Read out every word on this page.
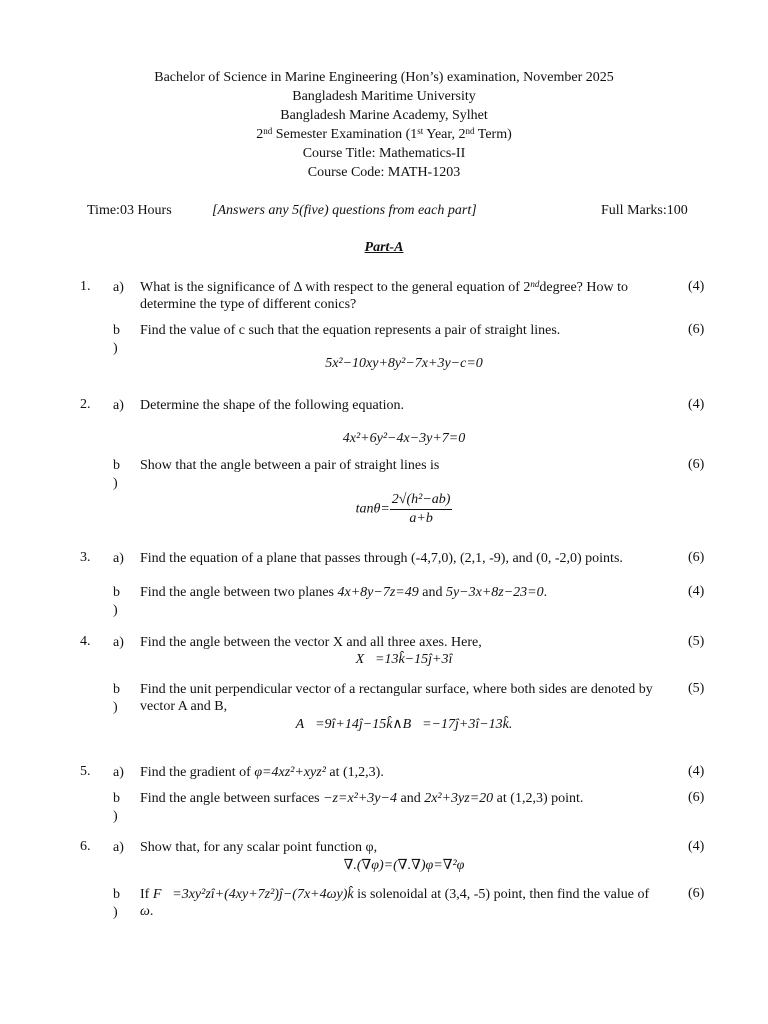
Bachelor of Science in Marine Engineering (Hon’s) examination, November 2025
Bangladesh Maritime University
Bangladesh Marine Academy, Sylhet
2nd Semester Examination (1st Year, 2nd Term)
Course Title: Mathematics-II
Course Code: MATH-1203
Time:03 Hours	[Answers any 5(five) questions from each part]	Full Marks:100
Part-A
1. a) What is the significance of Δ with respect to the general equation of 2nddegree? How to determine the type of different conics?
(4)
b
)
Find the value of c such that the equation represents a pair of straight lines.	(6)
5x²−10xy+8y²−7x+3y−c=0
2. a) Determine the shape of the following equation.	(4)
4x²+6y²−4x−3y+7=0
b
)
Show that the angle between a pair of straight lines is	(6)
$\tan\theta= \frac{\text{2√(h²−ab)}}{a+b}$
3. a) Find the equation of a plane that passes through (-4,7,0), (2,1, -9), and (0, -2,0) points.	(6)
b
)
Find the angle between two planes 4x+8y−7z=49 and 5y−3x+8z−23=0.	(4)
4. a) Find the angle between the vector X and all three axes. Here,	(5)
X⃗=13k̂−15ĵ+3î
b
)
Find the unit perpendicular vector of a rectangular surface, where both sides are denoted by vector A and B,
(5)
A⃗=9î+14ĵ−15k̂∧B⃗=−17ĵ+3î−13k̂.
5. a) Find the gradient of φ=4xz²+xyz² at (1,2,3).	(4)
b
)
Find the angle between surfaces −z=x²+3y−4 and 2x²+3yz=20 at (1,2,3) point.	(6)
6. a) Show that, for any scalar point function φ,	(4)
∇.(∇φ)=(∇.∇)φ=∇²φ
b
)
If F⃗=3xy²zî+(4xy+7z²)ĵ−(7x+4ωy)k̂ is solenoidal at (3,4, -5) point, then find the value of ω.
(6)
